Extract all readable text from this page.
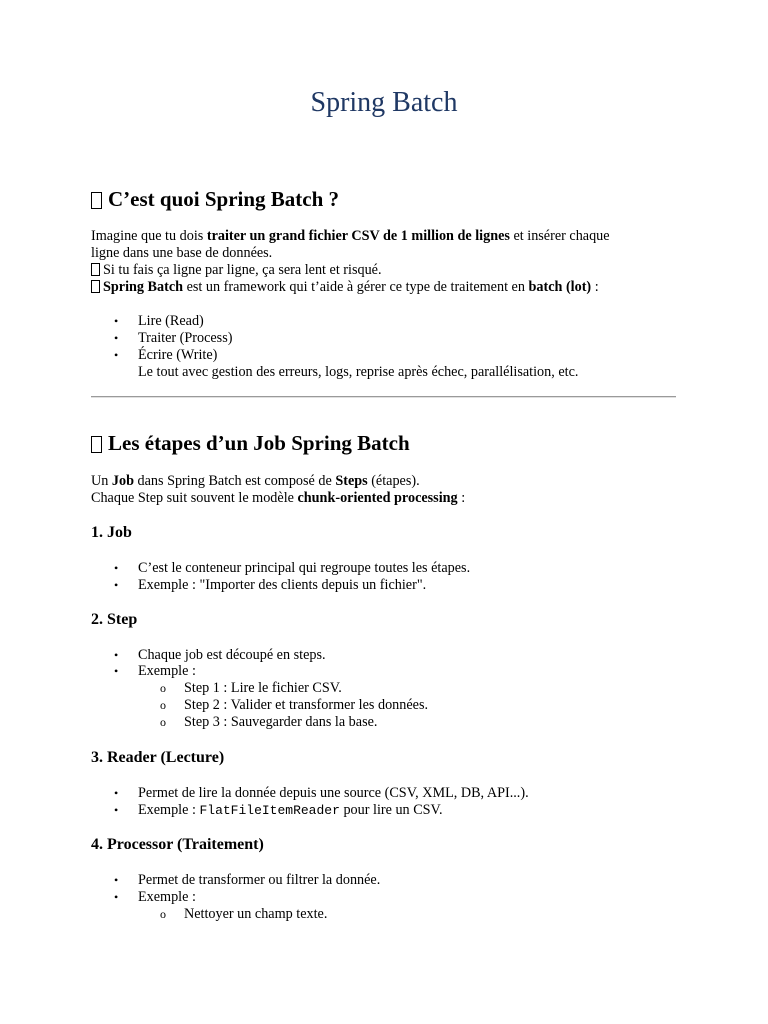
Spring Batch
C’est quoi Spring Batch ?
Imagine que tu dois traiter un grand fichier CSV de 1 million de lignes et insérer chaque
ligne dans une base de données.
Si tu fais ça ligne par ligne, ça sera lent et risqué.
Spring Batch est un framework qui t’aide à gérer ce type de traitement en batch (lot) :
• Lire (Read)
• Traiter (Process)
• Écrire (Write)
Le tout avec gestion des erreurs, logs, reprise après échec, parallélisation, etc.
Les étapes d’un Job Spring Batch
Un Job dans Spring Batch est composé de Steps (étapes).
Chaque Step suit souvent le modèle chunk-oriented processing :
1. Job
• C’est le conteneur principal qui regroupe toutes les étapes.
• Exemple : "Importer des clients depuis un fichier".
2. Step
• Chaque job est découpé en steps.
• Exemple :
o Step 1 : Lire le fichier CSV.
o Step 2 : Valider et transformer les données.
o Step 3 : Sauvegarder dans la base.
3. Reader (Lecture)
• Permet de lire la donnée depuis une source (CSV, XML, DB, API...).
• Exemple : FlatFileItemReader pour lire un CSV.
4. Processor (Traitement)
• Permet de transformer ou filtrer la donnée.
• Exemple :
o Nettoyer un champ texte.
